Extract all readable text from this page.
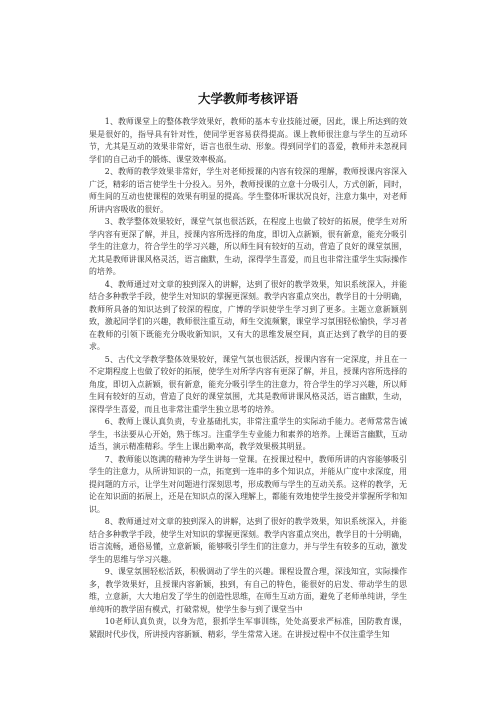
大学教师考核评语

1、教师课堂上的整体教学效果好，教师的基本专业技能过硬，因此，课上所达到的效果是很好的，指导具有针对性，使同学更容易获得提高。课上教师很注意与学生的互动环节，尤其是互动的效果非常好，语言也很生动、形象。得到同学们的喜爱，教师并未忽视同学们的自己动手的锻炼、课堂效率极高。

2、教师的教学效果非常好，学生对老师授课的内容有较深的理解，教师授课内容深入广泛，精彩的语言使学生十分投入。另外，教师授课的立意十分吸引人，方式创新，同时，师生间的互动也使课程的效果有明显的提高。学生整体听课状况良好，注意力集中，对老师所讲内容吸收的很好。

3、教学整体效果较好，课堂气氛也很活跃，在程度上也做了较好的拓展，使学生对所学内容有更深了解，并且，授课内容所选择的角度，即切入点新颖，很有新意，能充分吸引学生的注意力，符合学生的学习兴趣，所以师生间有较好的互动，营造了良好的课堂氛围，尤其是教师讲课风格灵活，语言幽默，生动，深得学生喜爱，而且也非常注重学生实际操作的培养。

4、教师通过对文章的独到深入的讲解，达到了很好的教学效果，知识系统深入，并能结合多种教学手段，使学生对知识的掌握更深刻。教学内容重点突出，教学目的十分明确，教师所具备的知识达到了较深的程度，广博的学识使学生学习到了更多。主题立意新颖别致，激起同学们的兴趣，教师很注重互动，师生交流频繁，课堂学习氛围轻松愉快，学习者在教师的引领下既能充分吸收新知识，又有大的思维发展空间，真正达到了教学的目的要求。

5、古代文学教学整体效果较好，课堂气氛也很活跃，授课内容有一定深度，并且在一不定期程度上也做了较好的拓展，使学生对所学内容有更深了解，并且，授课内容所选择的角度，即切入点新颖，很有新意，能充分吸引学生的注意力，符合学生的学习兴趣，所以师生间有较好的互动，营造了良好的课堂氛围，尤其是教师讲课风格灵活，语言幽默，生动，深得学生喜爱，而且也非常注重学生独立思考的培养。

6、教师上课认真负责，专业基础扎实，非常注重学生的实际动手能力。老师常常告诫学生，书法要从心开始，熟于练习。注重学生专业能力和素养的培养。上课语言幽默，互动适当，演示精准精彩。学生上课出勤率高，教学效果极其明显。

7、教师能以饱满的精神为学生讲每一堂课。在授课过程中，教师所讲的内容能够吸引学生的注意力，从所讲知识的一点，拓宽到一连串的多个知识点，并能从广度中求深度，用提问题的方示，让学生对问题进行深刻思考，形成教师与学生的互动关系。这样的教学，无论在知识面的拓展上，还是在知识点的深入理解上，都能有效地使学生接受并掌握所学和知识。

8、教师通过对文章的独到深入的讲解，达到了很好的教学效果，知识系统深入，并能结合多种教学手段，使学生对知识的掌握更深刻。教学内容重点突出，教学目的十分明确，语言流畅，通俗易懂，立意新颖，能够吸引学生们的注意力，并与学生有较多的互动，激发学生的思维与学习兴趣。

9、课堂氛围轻松活跃，积极调动了学生的兴趣。课程设置合理，深浅知宜，实际操作多，教学效果好，且授课内容新颖，独到，有自己的特色，能很好的启发、带动学生的思维，立意新，大大地启发了学生的创造性思维，在师生互动方面，避免了老师单纯讲，学生单纯听的教学固有模式，打破常规，使学生参与到了课堂当中

10老师认真负责，以身为范，狠抓学生军事训练，处处高要求严标准，国防教育课，紧跟时代步伐，所讲授内容新颖、精彩，学生常常入迷。在讲授过程中不仅注重学生知
